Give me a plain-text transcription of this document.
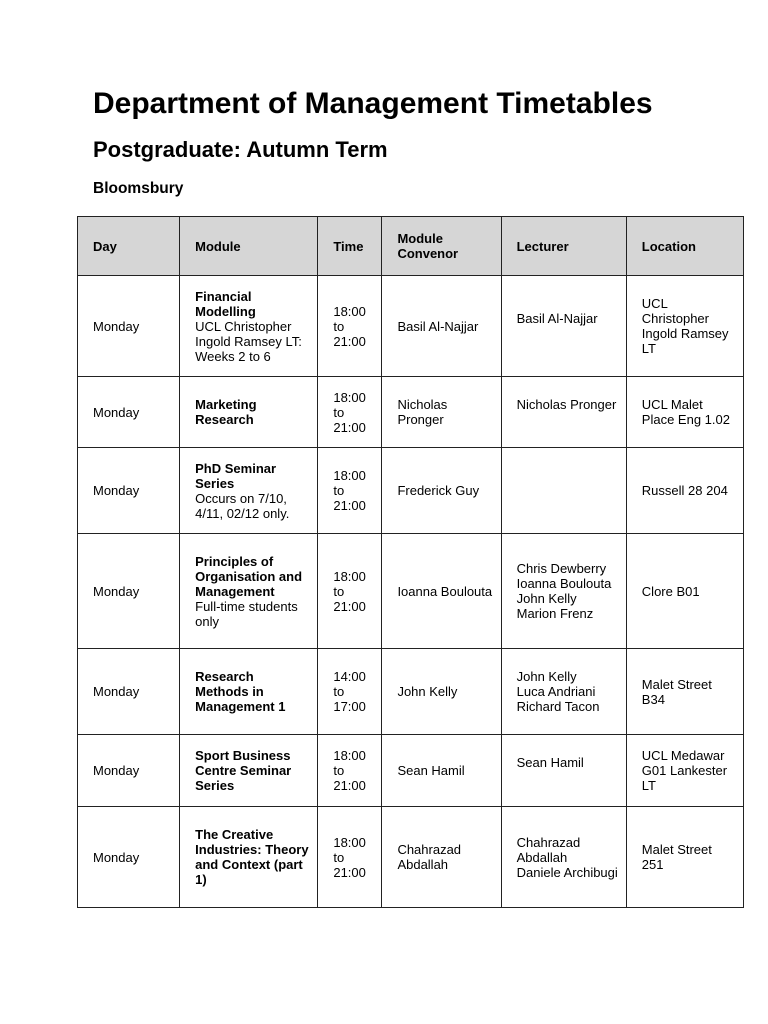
Department of Management Timetables
Postgraduate: Autumn Term
Bloomsbury
Day	Module	Time	Module Convenor	Lecturer	Location
Monday	Financial Modelling
UCL Christopher Ingold Ramsey LT: Weeks 2 to 6	18:00 to 21:00	Basil Al-Najjar	Basil Al-Najjar	UCL Christopher Ingold Ramsey LT
Monday	Marketing Research	18:00 to 21:00	Nicholas Pronger	Nicholas Pronger	UCL Malet Place Eng 1.02
Monday	PhD Seminar Series
Occurs on 7/10, 4/11, 02/12 only.	18:00 to 21:00	Frederick Guy		Russell 28 204
Monday	Principles of Organisation and Management
Full-time students only	18:00 to 21:00	Ioanna Boulouta	Chris Dewberry
Ioanna Boulouta
John Kelly
Marion Frenz	Clore B01
Monday	Research Methods in Management 1	14:00 to 17:00	John Kelly	John Kelly
Luca Andriani
Richard Tacon	Malet Street B34
Monday	Sport Business Centre Seminar Series	18:00 to 21:00	Sean Hamil	Sean Hamil	UCL Medawar G01 Lankester LT
Monday	The Creative Industries: Theory and Context (part 1)	18:00 to 21:00	Chahrazad Abdallah	Chahrazad Abdallah
Daniele Archibugi	Malet Street 251
